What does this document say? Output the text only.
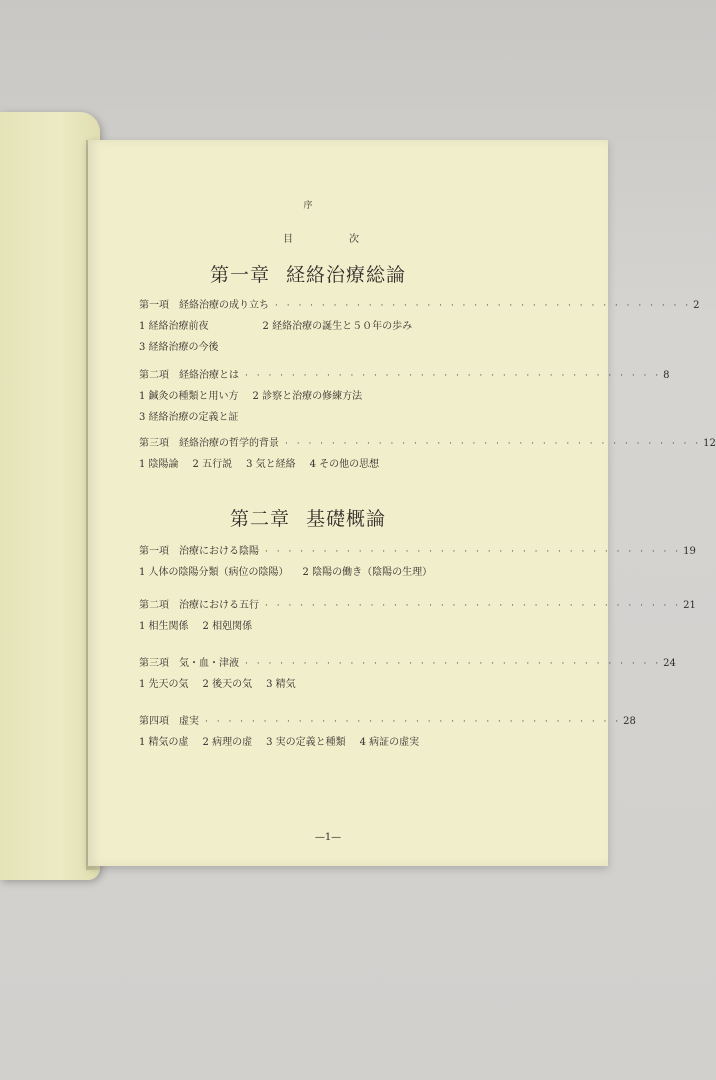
序
目	次
第一章 経絡治療総論
第一項　経絡治療の成り立ち · · · · · · · · · · · · · · · · · · · · · · · · · · · · · · · · · · · · 2
1 経絡治療前夜	2 経絡治療の誕生と５０年の歩み
3 経絡治療の今後
第二項　経絡治療とは · · · · · · · · · · · · · · · · · · · · · · · · · · · · · · · · · · · · 8
1 鍼灸の種類と用い方 2 診察と治療の修練方法
3 経絡治療の定義と証
第三項　経絡治療の哲学的背景 · · · · · · · · · · · · · · · · · · · · · · · · · · · · · · · · · · · · 12
1 陰陽論 2 五行説 3 気と経絡 4 その他の思想
第二章 基礎概論
第一項　治療における陰陽 · · · · · · · · · · · · · · · · · · · · · · · · · · · · · · · · · · · · 19
1 人体の陰陽分類（病位の陰陽） 2 陰陽の働き（陰陽の生理）
第二項　治療における五行 · · · · · · · · · · · · · · · · · · · · · · · · · · · · · · · · · · · · 21
1 相生関係 2 相剋関係
第三項　気・血・津液 · · · · · · · · · · · · · · · · · · · · · · · · · · · · · · · · · · · · 24
1 先天の気 2 後天の気 3 精気
第四項　虚実 · · · · · · · · · · · · · · · · · · · · · · · · · · · · · · · · · · · · 28
1 精気の虚 2 病理の虚 3 実の定義と種類 4 病証の虚実
—1—
